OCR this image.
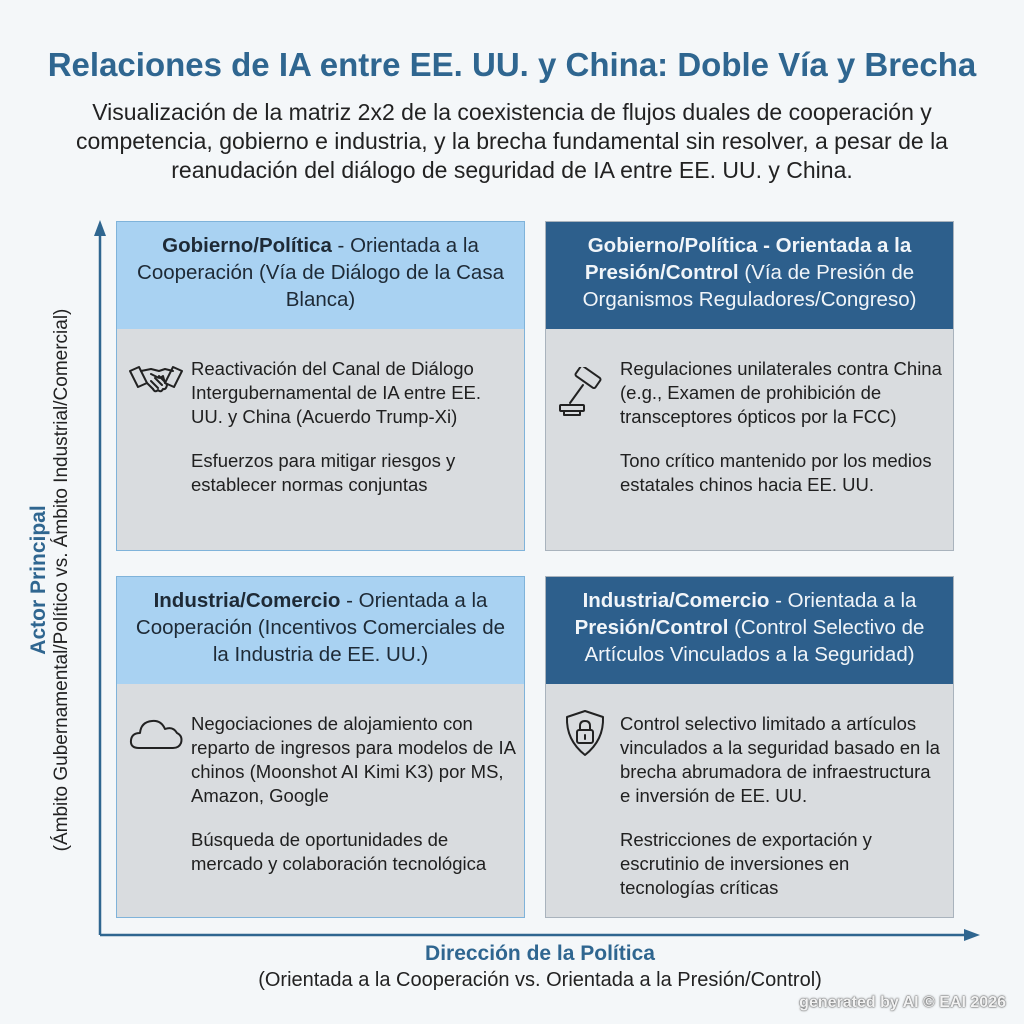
Relaciones de IA entre EE. UU. y China: Doble Vía y Brecha

Visualización de la matriz 2x2 de la coexistencia de flujos duales de cooperación y competencia, gobierno e industria, y la brecha fundamental sin resolver, a pesar de la reanudación del diálogo de seguridad de IA entre EE. UU. y China.

Actor Principal (Ámbito Gubernamental/Político vs. Ámbito Industrial/Comercial)
Dirección de la Política
(Orientada a la Cooperación vs. Orientada a la Presión/Control)
Gobierno/Política - Orientada a la Cooperación (Vía de Diálogo de la Casa Blanca)

Reactivación del Canal de Diálogo Intergubernamental de IA entre EE. UU. y China (Acuerdo Trump-Xi)

Esfuerzos para mitigar riesgos y establecer normas conjuntas

Gobierno/Política - Orientada a la Presión/Control (Vía de Presión de Organismos Reguladores/Congreso)

Regulaciones unilaterales contra China (e.g., Examen de prohibición de transceptores ópticos por la FCC)

Tono crítico mantenido por los medios estatales chinos hacia EE. UU.

Industria/Comercio - Orientada a la Cooperación (Incentivos Comerciales de la Industria de EE. UU.)

Negociaciones de alojamiento con reparto de ingresos para modelos de IA chinos (Moonshot AI Kimi K3) por MS, Amazon, Google

Búsqueda de oportunidades de mercado y colaboración tecnológica

Industria/Comercio - Orientada a la Presión/Control (Control Selectivo de Artículos Vinculados a la Seguridad)

Control selectivo limitado a artículos vinculados a la seguridad basado en la brecha abrumadora de infraestructura e inversión de EE. UU.

Restricciones de exportación y escrutinio de inversiones en tecnologías críticas

generated by AI © EAI 2026
